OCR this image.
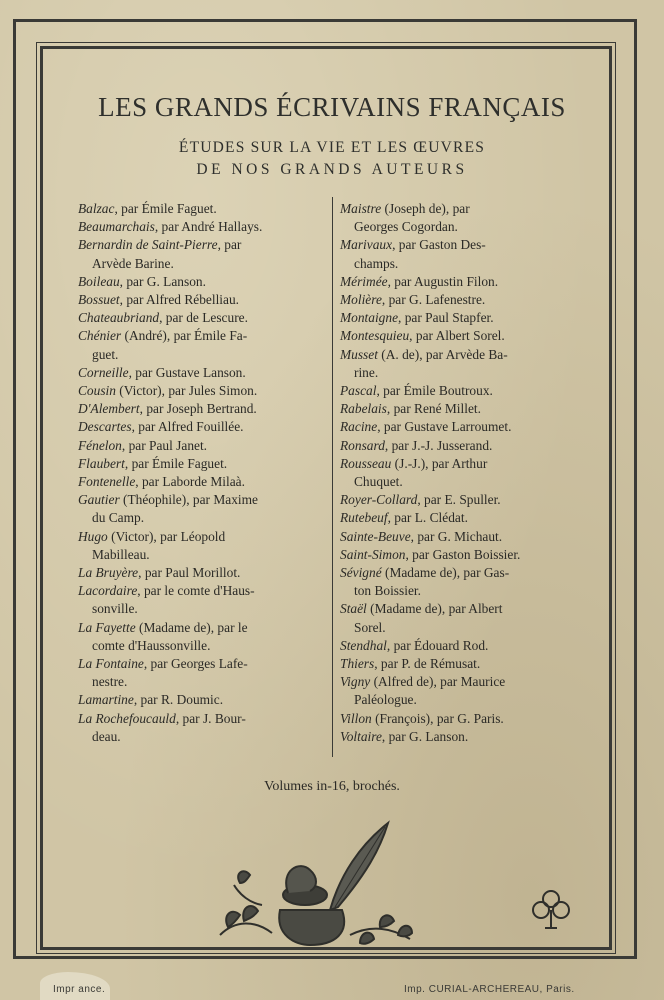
LES GRANDS ÉCRIVAINS FRANÇAIS
ÉTUDES SUR LA VIE ET LES ŒUVRES
DE NOS GRANDS AUTEURS
Balzac, par Émile Faguet.
Beaumarchais, par André Hallays.
Bernardin de Saint-Pierre, par
Arvède Barine.
Boileau, par G. Lanson.
Bossuet, par Alfred Rébelliau.
Chateaubriand, par de Lescure.
Chénier (André), par Émile Fa-
guet.
Corneille, par Gustave Lanson.
Cousin (Victor), par Jules Simon.
D'Alembert, par Joseph Bertrand.
Descartes, par Alfred Fouillée.
Fénelon, par Paul Janet.
Flaubert, par Émile Faguet.
Fontenelle, par Laborde Milaà.
Gautier (Théophile), par Maxime
du Camp.
Hugo (Victor), par Léopold
Mabilleau.
La Bruyère, par Paul Morillot.
Lacordaire, par le comte d'Haus-
sonville.
La Fayette (Madame de), par le
comte d'Haussonville.
La Fontaine, par Georges Lafe-
nestre.
Lamartine, par R. Doumic.
La Rochefoucauld, par J. Bour-
deau.
Maistre (Joseph de), par
Georges Cogordan.
Marivaux, par Gaston Des-
champs.
Mérimée, par Augustin Filon.
Molière, par G. Lafenestre.
Montaigne, par Paul Stapfer.
Montesquieu, par Albert Sorel.
Musset (A. de), par Arvède Ba-
rine.
Pascal, par Émile Boutroux.
Rabelais, par René Millet.
Racine, par Gustave Larroumet.
Ronsard, par J.-J. Jusserand.
Rousseau (J.-J.), par Arthur
Chuquet.
Royer-Collard, par E. Spuller.
Rutebeuf, par L. Clédat.
Sainte-Beuve, par G. Michaut.
Saint-Simon, par Gaston Boissier.
Sévigné (Madame de), par Gas-
ton Boissier.
Staël (Madame de), par Albert
Sorel.
Stendhal, par Édouard Rod.
Thiers, par P. de Rémusat.
Vigny (Alfred de), par Maurice
Paléologue.
Villon (François), par G. Paris.
Voltaire, par G. Lanson.
Volumes in-16, brochés.
Impr ance.	Imp. CURIAL-ARCHEREAU, Paris.
